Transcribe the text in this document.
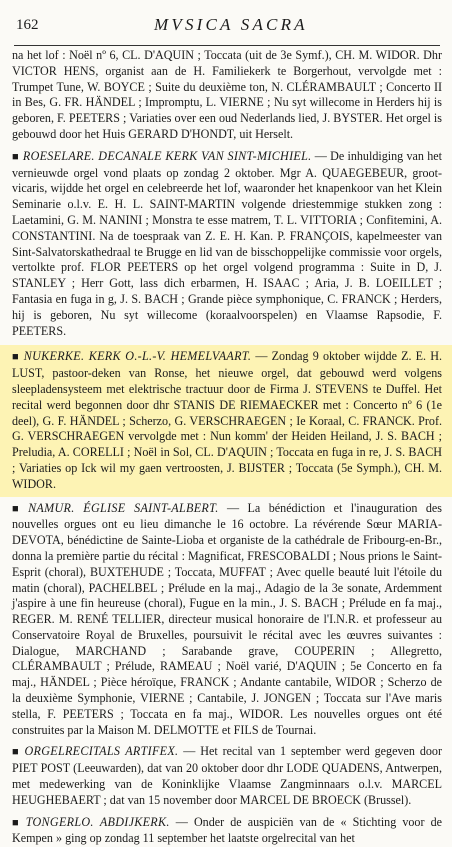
162	MVSICA SACRA

na het lof : Noël nº 6, CL. D'AQUIN ; Toccata (uit de 3e Symf.), CH. M. WIDOR. Dhr VICTOR HENS, organist aan de H. Familiekerk te Borgerhout, vervolgde met : Trumpet Tune, W. BOYCE ; Suite du deuxième ton, N. CLÉRAMBAULT ; Concerto II in Bes, G. FR. HÄNDEL ; Impromptu, L. VIERNE ; Nu syt willecome in Herders hij is geboren, F. PEETERS ; Variaties over een oud Nederlands lied, J. BYSTER. Het orgel is gebouwd door het Huis GERARD D'HONDT, uit Herselt.

■ ROESELARE. DECANALE KERK VAN SINT-MICHIEL. — De inhuldiging van het vernieuwde orgel vond plaats op zondag 2 oktober. Mgr A. QUAEGEBEUR, groot-vicaris, wijdde het orgel en celebreerde het lof, waaronder het knapenkoor van het Klein Seminarie o.l.v. E. H. L. SAINT-MARTIN volgende driestemmige stukken zong : Laetamini, G. M. NANINI ; Monstra te esse matrem, T. L. VITTORIA ; Confitemini, A. CONSTANTINI. Na de toespraak van Z. E. H. Kan. P. FRANÇOIS, kapelmeester van Sint-Salvatorskathedraal te Brugge en lid van de bisschoppelijke commissie voor orgels, vertolkte prof. FLOR PEETERS op het orgel volgend programma : Suite in D, J. STANLEY ; Herr Gott, lass dich erbarmen, H. ISAAC ; Aria, J. B. LOEILLET ; Fantasia en fuga in g, J. S. BACH ; Grande pièce symphonique, C. FRANCK ; Herders, hij is geboren, Nu syt willecome (koraalvoorspelen) en Vlaamse Rapsodie, F. PEETERS.
■ NUKERKE. KERK O.-L.-V. HEMELVAART. — Zondag 9 oktober wijdde Z. E. H. LUST, pastoor-deken van Ronse, het nieuwe orgel, dat gebouwd werd volgens sleepladensysteem met elektrische tractuur door de Firma J. STEVENS te Duffel. Het recital werd begonnen door dhr STANIS DE RIEMAECKER met : Concerto nº 6 (1e deel), G. F. HÄNDEL ; Scherzo, G. VERSCHRAEGEN ; Ie Koraal, C. FRANCK. Prof. G. VERSCHRAEGEN vervolgde met : Nun komm' der Heiden Heiland, J. S. BACH ; Preludia, A. CORELLI ; Noël in Sol, CL. D'AQUIN ; Toccata en fuga in re, J. S. BACH ; Variaties op Ick wil my gaen vertroosten, J. BIJSTER ; Toccata (5e Symph.), CH. M. WIDOR.
■ NAMUR. ÉGLISE SAINT-ALBERT. — La bénédiction et l'inauguration des nouvelles orgues ont eu lieu dimanche le 16 octobre. La révérende Sœur MARIA-DEVOTA, bénédictine de Sainte-Lioba et organiste de la cathédrale de Fribourg-en-Br., donna la première partie du récital : Magnificat, FRESCOBALDI ; Nous prions le Saint-Esprit (choral), BUXTEHUDE ; Toccata, MUFFAT ; Avec quelle beauté luit l'étoile du matin (choral), PACHELBEL ; Prélude en la maj., Adagio de la 3e sonate, Ardemment j'aspire à une fin heureuse (choral), Fugue en la min., J. S. BACH ; Prélude en fa maj., REGER. M. RENÉ TELLIER, directeur musical honoraire de l'I.N.R. et professeur au Conservatoire Royal de Bruxelles, poursuivit le récital avec les œuvres suivantes : Dialogue, MARCHAND ; Sarabande grave, COUPERIN ; Allegretto, CLÉRAMBAULT ; Prélude, RAMEAU ; Noël varié, D'AQUIN ; 5e Concerto en fa maj., HÄNDEL ; Pièce héroïque, FRANCK ; Andante cantabile, WIDOR ; Scherzo de la deuxième Symphonie, VIERNE ; Cantabile, J. JONGEN ; Toccata sur l'Ave maris stella, F. PEETERS ; Toccata en fa maj., WIDOR. Les nouvelles orgues ont été construites par la Maison M. DELMOTTE et FILS de Tournai.
■ ORGELRECITALS ARTIFEX. — Het recital van 1 september werd gegeven door PIET POST (Leeuwarden), dat van 20 oktober door dhr LODE QUADENS, Antwerpen, met medewerking van de Koninklijke Vlaamse Zangminnaars o.l.v. MARCEL HEUGHEBAERT ; dat van 15 november door MARCEL DE BROECK (Brussel).
■ TONGERLO. ABDIJKERK. — Onder de auspiciën van de « Stichting voor de Kempen » ging op zondag 11 september het laatste orgelrecital van het
